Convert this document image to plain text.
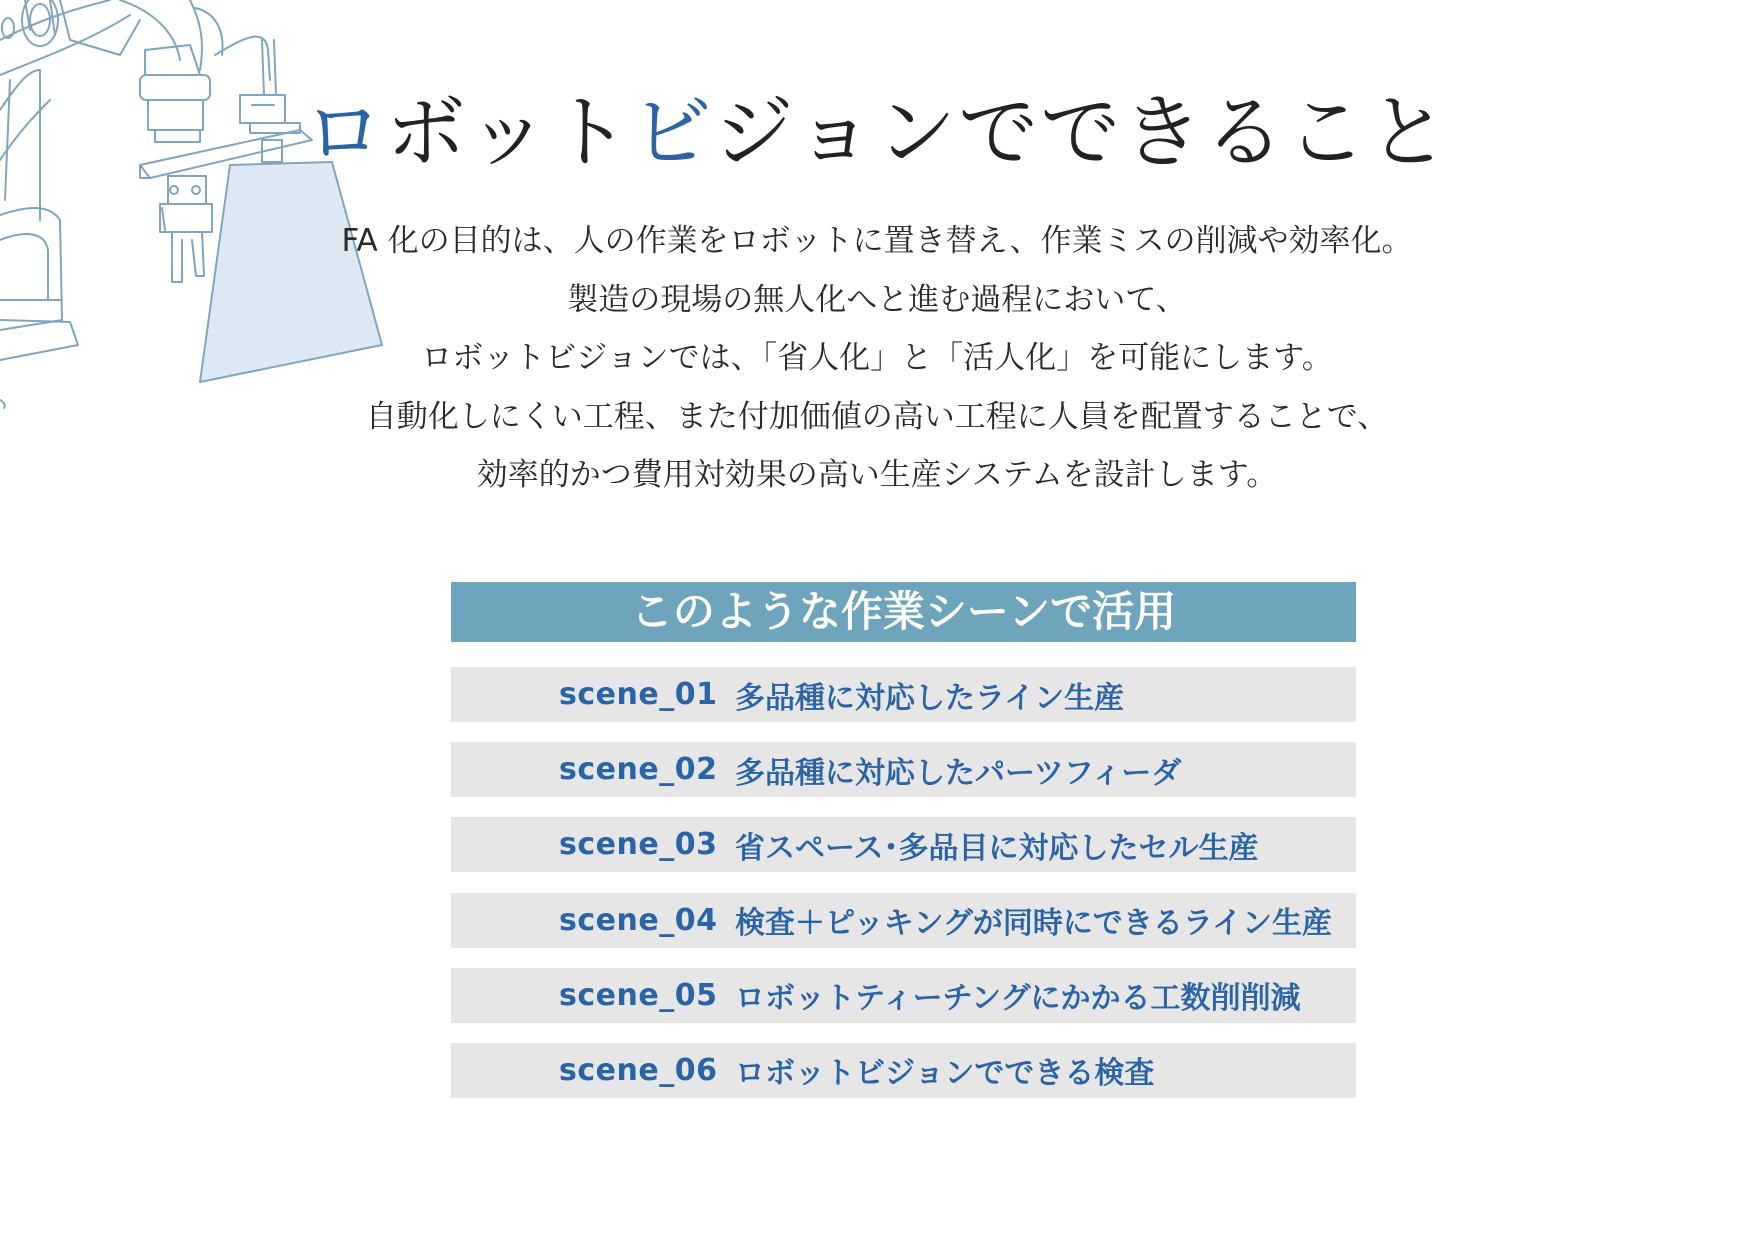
ロボットビジョンでできること

FA 化の目的は、人の作業をロボットに置き替え、作業ミスの削減や効率化。

製造の現場の無人化へと進む過程において、

ロボットビジョンでは、「省人化」と「活人化」を可能にします。

自動化しにくい工程、また付加価値の高い工程に人員を配置することで、

効率的かつ費用対効果の高い生産システムを設計します。

このような作業シーンで活用
scene_01 多品種に対応したライン生産
scene_02 多品種に対応したパーツフィーダ
scene_03 省スペース･多品目に対応したセル生産
scene_04 検査＋ピッキングが同時にできるライン生産
scene_05 ロボットティーチングにかかる工数削削減
scene_06 ロボットビジョンでできる検査
